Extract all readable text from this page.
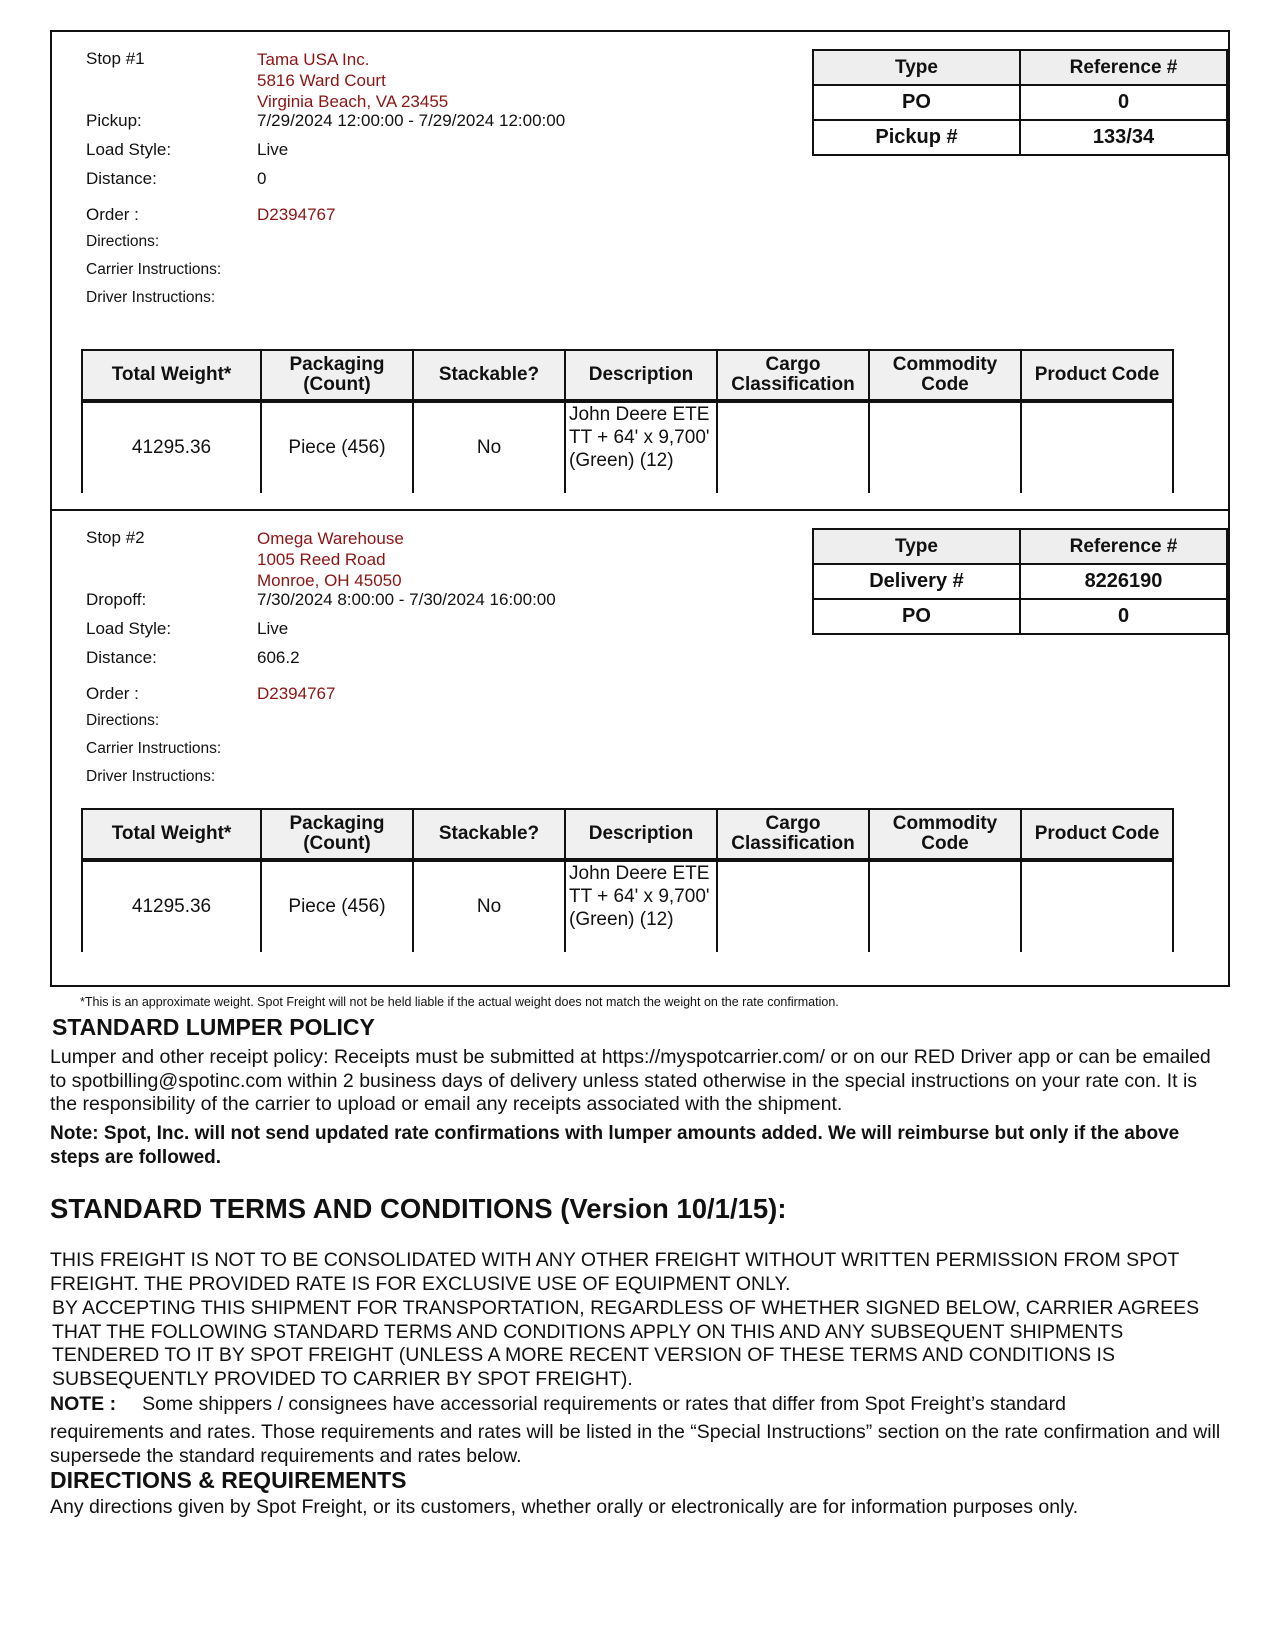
Stop #1	Tama USA Inc.
5816 Ward Court
Virginia Beach, VA 23455
Pickup:	7/29/2024 12:00:00 - 7/29/2024 12:00:00
Load Style:	Live
Distance:	0
Order :	D2394767
Directions:
Carrier Instructions:
Driver Instructions:
Type	Reference #
PO	0
Pickup #	133/34
Total Weight*	Packaging (Count)	Stackable?	Description	Cargo Classification	Commodity Code	Product Code
41295.36	Piece (456)	No	John Deere ETE TT + 64' x 9,700' (Green) (12)			
Stop #2	Omega Warehouse
1005 Reed Road
Monroe, OH 45050
Dropoff:	7/30/2024 8:00:00 - 7/30/2024 16:00:00
Load Style:	Live
Distance:	606.2
Order :	D2394767
Directions:
Carrier Instructions:
Driver Instructions:
Type	Reference #
Delivery #	8226190
PO	0
Total Weight*	Packaging (Count)	Stackable?	Description	Cargo Classification	Commodity Code	Product Code
41295.36	Piece (456)	No	John Deere ETE TT + 64' x 9,700' (Green) (12)			
*This is an approximate weight. Spot Freight will not be held liable if the actual weight does not match the weight on the rate confirmation.
STANDARD LUMPER POLICY
Lumper and other receipt policy: Receipts must be submitted at https://myspotcarrier.com/ or on our RED Driver app or can be emailed to spotbilling@spotinc.com within 2 business days of delivery unless stated otherwise in the special instructions on your rate con. It is the responsibility of the carrier to upload or email any receipts associated with the shipment.
Note: Spot, Inc. will not send updated rate confirmations with lumper amounts added. We will reimburse but only if the above steps are followed.
STANDARD TERMS AND CONDITIONS (Version 10/1/15):
THIS FREIGHT IS NOT TO BE CONSOLIDATED WITH ANY OTHER FREIGHT WITHOUT WRITTEN PERMISSION FROM SPOT FREIGHT. THE PROVIDED RATE IS FOR EXCLUSIVE USE OF EQUIPMENT ONLY.
BY ACCEPTING THIS SHIPMENT FOR TRANSPORTATION, REGARDLESS OF WHETHER SIGNED BELOW, CARRIER AGREES THAT THE FOLLOWING STANDARD TERMS AND CONDITIONS APPLY ON THIS AND ANY SUBSEQUENT SHIPMENTS TENDERED TO IT BY SPOT FREIGHT (UNLESS A MORE RECENT VERSION OF THESE TERMS AND CONDITIONS IS SUBSEQUENTLY PROVIDED TO CARRIER BY SPOT FREIGHT).
NOTE : Some shippers / consignees have accessorial requirements or rates that differ from Spot Freight’s standard
requirements and rates. Those requirements and rates will be listed in the “Special Instructions” section on the rate confirmation and will supersede the standard requirements and rates below.
DIRECTIONS & REQUIREMENTS
Any directions given by Spot Freight, or its customers, whether orally or electronically are for information purposes only.
